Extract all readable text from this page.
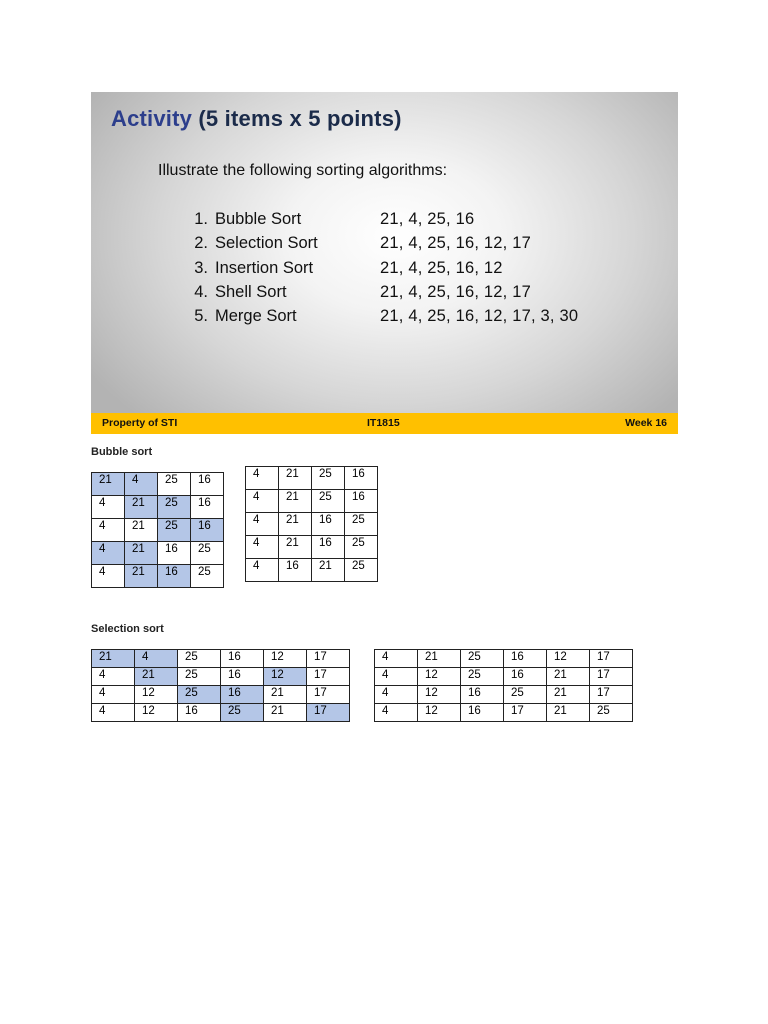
Activity (5 items x 5 points)
Illustrate the following sorting algorithms:
1. Bubble Sort	21, 4, 25, 16
2. Selection Sort	21, 4, 25, 16, 12, 17
3. Insertion Sort	21, 4, 25, 16, 12
4. Shell Sort	21, 4, 25, 16, 12, 17
5. Merge Sort	21, 4, 25, 16, 12, 17, 3, 30
Property of STI	IT1815	Week 16
Bubble sort
21	4	25	16
4	21	25	16
4	21	25	16
4	21	16	25
4	21	16	25
4	21	25	16
4	21	25	16
4	21	16	25
4	21	16	25
4	16	21	25
Selection sort
21	4	25	16	12	17
4	21	25	16	12	17
4	12	25	16	21	17
4	12	16	25	21	17
4	21	25	16	12	17
4	12	25	16	21	17
4	12	16	25	21	17
4	12	16	17	21	25
